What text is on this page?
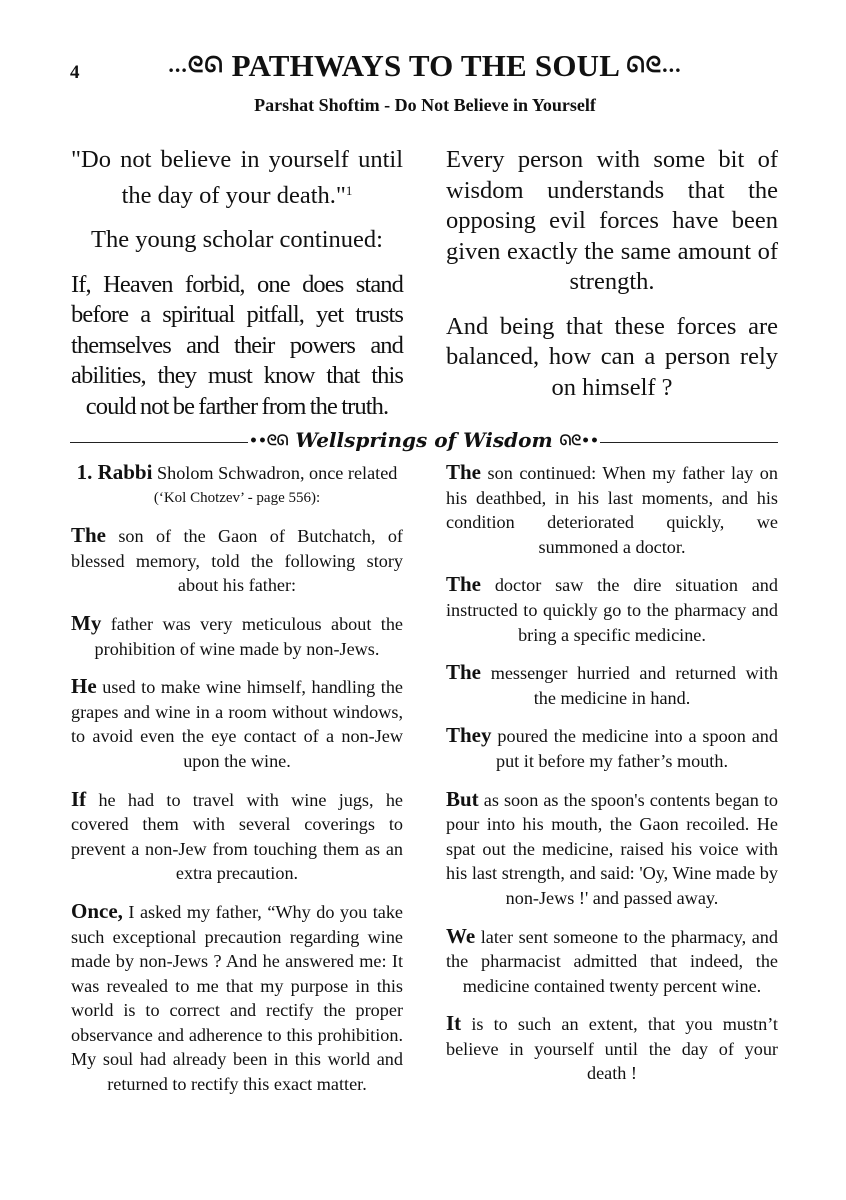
4	...ᘓᘏ PATHWAYS TO THE SOUL ᘏᘓ...
Parshat Shoftim - Do Not Believe in Yourself

"Do not believe in yourself until the day of your death."$^1$

The young scholar continued:

If, Heaven forbid, one does stand before a spiritual pitfall, yet trusts themselves and their powers and abilities, they must know that this could not be farther from the truth.

Every person with some bit of wisdom understands that the opposing evil forces have been given exactly the same amount of strength.

And being that these forces are balanced, how can a person rely on himself ?

••ᘓᘏ Wellsprings of Wisdom ᘏᘓ••

1. Rabbi Sholom Schwadron, once related
(‘Kol Chotzev’ - page 556):

The son of the Gaon of Butchatch, of blessed memory, told the following story about his father:

My father was very meticulous about the prohibition of wine made by non-Jews.

He used to make wine himself, handling the grapes and wine in a room without windows, to avoid even the eye contact of a non-Jew upon the wine.

If he had to travel with wine jugs, he covered them with several coverings to prevent a non-Jew from touching them as an extra precaution.

Once, I asked my father, “Why do you take such exceptional precaution regarding wine made by non-Jews ? And he answered me: It was revealed to me that my purpose in this world is to correct and rectify the proper observance and adherence to this prohibition. My soul had already been in this world and returned to rectify this exact matter.

The son continued: When my father lay on his deathbed, in his last moments, and his condition deteriorated quickly, we summoned a doctor.

The doctor saw the dire situation and instructed to quickly go to the pharmacy and bring a specific medicine.

The messenger hurried and returned with the medicine in hand.

They poured the medicine into a spoon and put it before my father’s mouth.

But as soon as the spoon's contents began to pour into his mouth, the Gaon recoiled. He spat out the medicine, raised his voice with his last strength, and said: 'Oy, Wine made by non-Jews !' and passed away.

We later sent someone to the pharmacy, and the pharmacist admitted that indeed, the medicine contained twenty percent wine.

It is to such an extent, that you mustn’t believe in yourself until the day of your death !
